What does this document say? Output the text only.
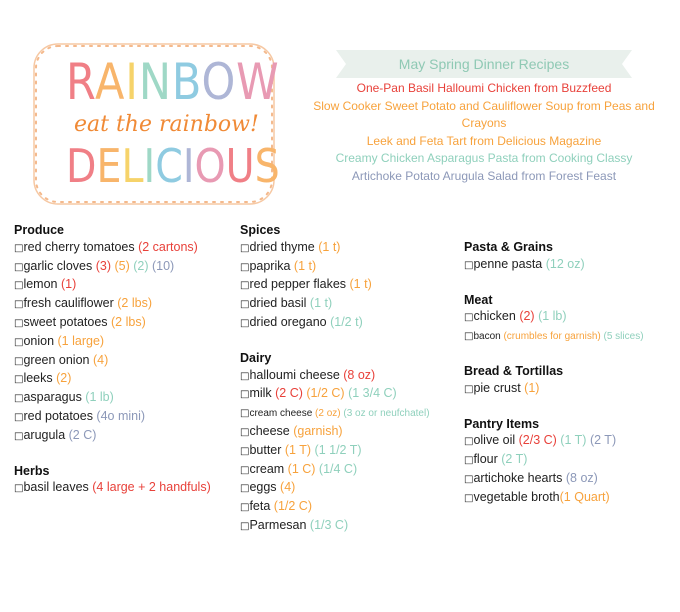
RAINBOW
eat the rainbow!
DELICIOUS
May Spring Dinner Recipes
One-Pan Basil Halloumi Chicken from Buzzfeed
Slow Cooker Sweet Potato and Cauliflower Soup from Peas and Crayons
Leek and Feta Tart from Delicious Magazine
Creamy Chicken Asparagus Pasta from Cooking Classy
Artichoke Potato Arugula Salad from Forest Feast
Produce
□red cherry tomatoes (2 cartons)
□garlic cloves (3) (5) (2) (10)
□lemon (1)
□fresh cauliflower (2 lbs)
□sweet potatoes (2 lbs)
□onion (1 large)
□green onion (4)
□leeks (2)
□asparagus (1 lb)
□red potatoes (4o mini)
□arugula (2 C)
Herbs
□basil leaves (4 large + 2 handfuls)
Spices
□dried thyme (1 t)
□paprika (1 t)
□red pepper flakes (1 t)
□dried basil (1 t)
□dried oregano (1/2 t)
Dairy
□halloumi cheese (8 oz)
□milk (2 C) (1/2 C) (1 3/4 C)
□cream cheese (2 oz) (3 oz or neufchatel)
□cheese (garnish)
□butter (1 T) (1 1/2 T)
□cream (1 C) (1/4 C)
□eggs (4)
□feta (1/2 C)
□Parmesan (1/3 C)
Pasta & Grains
□penne pasta (12 oz)
Meat
□chicken (2) (1 lb)
□bacon (crumbles for garnish) (5 slices)
Bread & Tortillas
□pie crust (1)
Pantry Items
□olive oil (2/3 C) (1 T) (2 T)
□flour (2 T)
□artichoke hearts (8 oz)
□vegetable broth(1 Quart)
